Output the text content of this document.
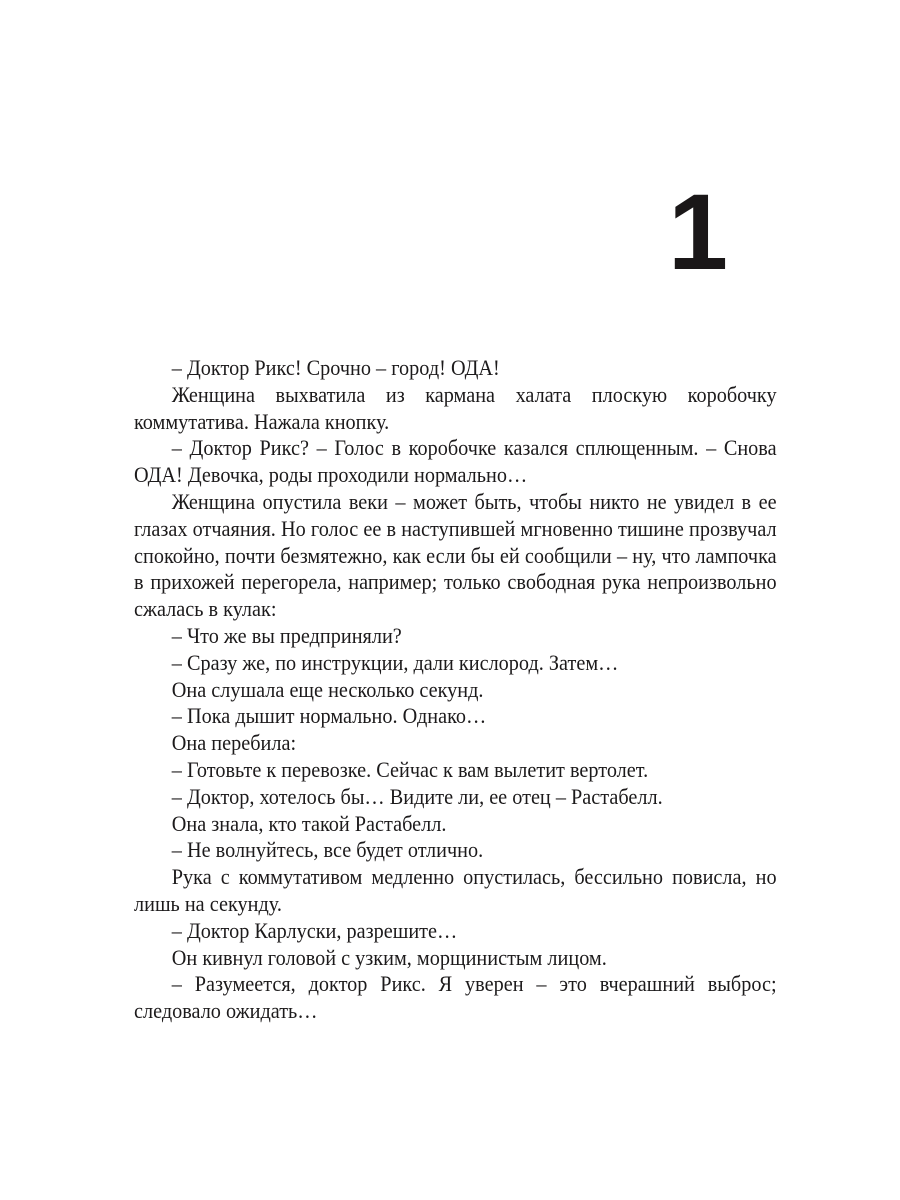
1

– Доктор Рикс! Срочно – город! ОДА!

Женщина выхватила из кармана халата плоскую коробочку коммутатива. Нажала кнопку.

– Доктор Рикс? – Голос в коробочке казался сплющенным. – Снова ОДА! Девочка, роды проходили нормально…

Женщина опустила веки – может быть, чтобы никто не увидел в ее глазах отчаяния. Но голос ее в наступившей мгновенно тишине прозвучал спокойно, почти безмятежно, как если бы ей сообщили – ну, что лампочка в прихожей перегорела, например; только свободная рука непроизвольно сжалась в кулак:

– Что же вы предприняли?

– Сразу же, по инструкции, дали кислород. Затем…

Она слушала еще несколько секунд.

– Пока дышит нормально. Однако…

Она перебила:

– Готовьте к перевозке. Сейчас к вам вылетит вертолет.

– Доктор, хотелось бы… Видите ли, ее отец – Растабелл.

Она знала, кто такой Растабелл.

– Не волнуйтесь, все будет отлично.

Рука с коммутативом медленно опустилась, бессильно повисла, но лишь на секунду.

– Доктор Карлуски, разрешите…

Он кивнул головой с узким, морщинистым лицом.

– Разумеется, доктор Рикс. Я уверен – это вчерашний выброс; следовало ожидать…
